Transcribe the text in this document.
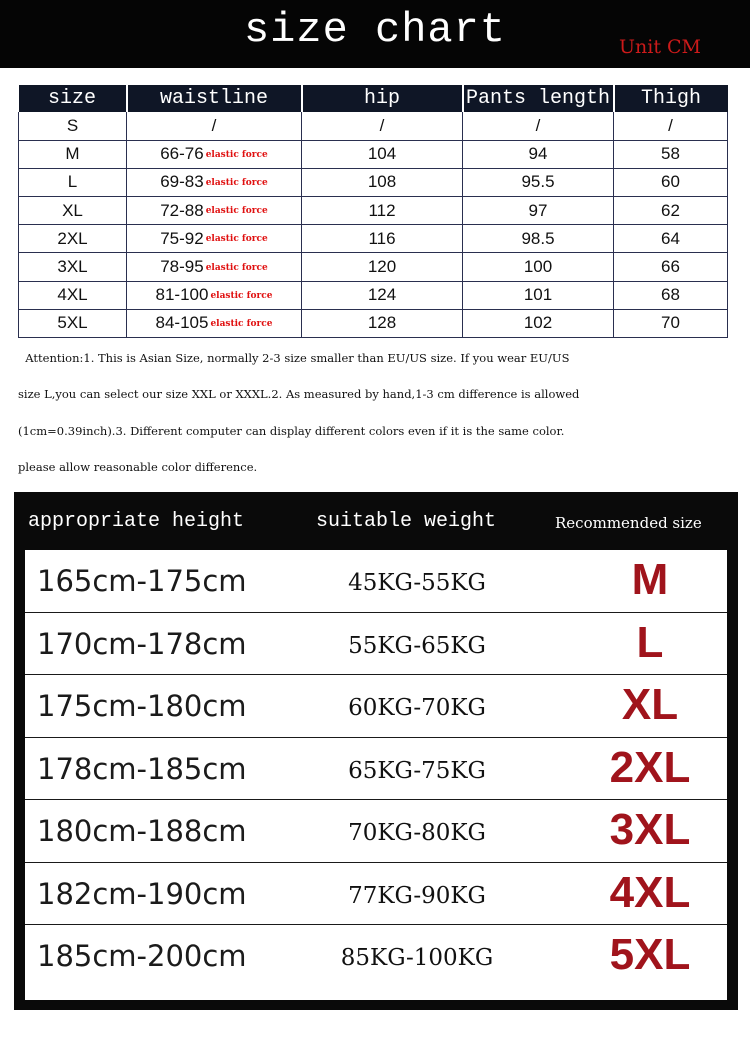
size chart	Unit CM
size	waistline	hip	Pants length	Thigh
S	/	/	/	/
M	66-76 elastic force	104	94	58
L	69-83 elastic force	108	95.5	60
XL	72-88 elastic force	112	97	62
2XL	75-92 elastic force	116	98.5	64
3XL	78-95 elastic force	120	100	66
4XL	81-100 elastic force	124	101	68
5XL	84-105 elastic force	128	102	70
Attention:1. This is Asian Size, normally 2-3 size smaller than EU/US size. If you wear EU/US
size L,you can select our size XXL or XXXL.2. As measured by hand,1-3 cm difference is allowed
(1cm=0.39inch).3. Different computer can display different colors even if it is the same color.
please allow reasonable color difference.
appropriate height	suitable weight	Recommended size
165cm-175cm	45KG-55KG	M
170cm-178cm	55KG-65KG	L
175cm-180cm	60KG-70KG	XL
178cm-185cm	65KG-75KG	2XL
180cm-188cm	70KG-80KG	3XL
182cm-190cm	77KG-90KG	4XL
185cm-200cm	85KG-100KG	5XL
